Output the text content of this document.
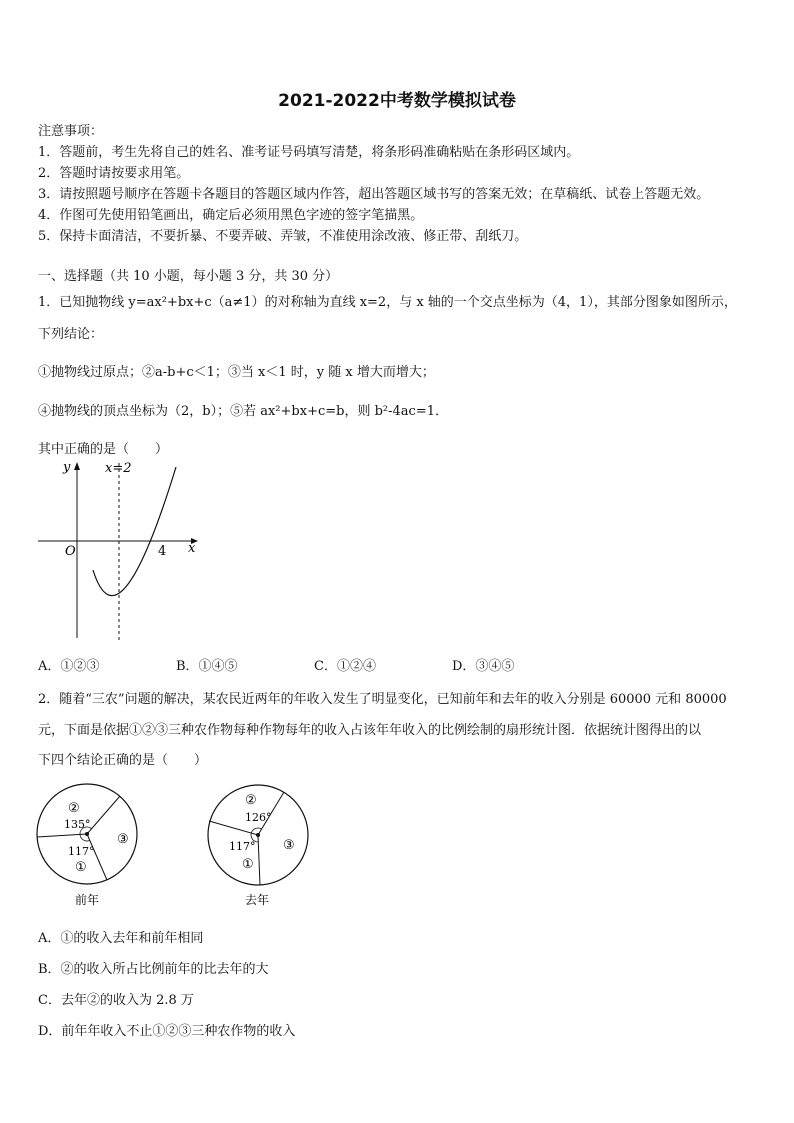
2021-2022中考数学模拟试卷
注意事项：
1．答题前，考生先将自己的姓名、准考证号码填写清楚，将条形码准确粘贴在条形码区域内。
2．答题时请按要求用笔。
3．请按照题号顺序在答题卡各题目的答题区域内作答，超出答题区域书写的答案无效；在草稿纸、试卷上答题无效。
4．作图可先使用铅笔画出，确定后必须用黑色字迹的签字笔描黑。
5．保持卡面清洁，不要折暴、不要弄破、弄皱，不准使用涂改液、修正带、刮纸刀。
一、选择题（共 10 小题，每小题 3 分，共 30 分）
1．已知抛物线 y=ax²+bx+c（a≠1）的对称轴为直线 x=2，与 x 轴的一个交点坐标为（4，1），其部分图象如图所示，
下列结论：
①抛物线过原点；②a-b+c＜1；③当 x＜1 时，y 随 x 增大而增大；
④抛物线的顶点坐标为（2，b）；⑤若 ax²+bx+c=b，则 b²-4ac=1．
其中正确的是（　　）
y
x
x=2
O	4
A．①②③	B．①④⑤	C．①②④	D．③④⑤
2．随着“三农”问题的解决，某农民近两年的年收入发生了明显变化，已知前年和去年的收入分别是 60000 元和 80000
元，下面是依据①②③三种农作物每种作物每年的收入占该年年收入的比例绘制的扇形统计图．依据统计图得出的以
下四个结论正确的是（　　）
②
135°
③
117°
①
前年
②
126°
③
117°
①
去年
A．①的收入去年和前年相同
B．②的收入所占比例前年的比去年的大
C．去年②的收入为 2.8 万
D．前年年收入不止①②③三种农作物的收入
